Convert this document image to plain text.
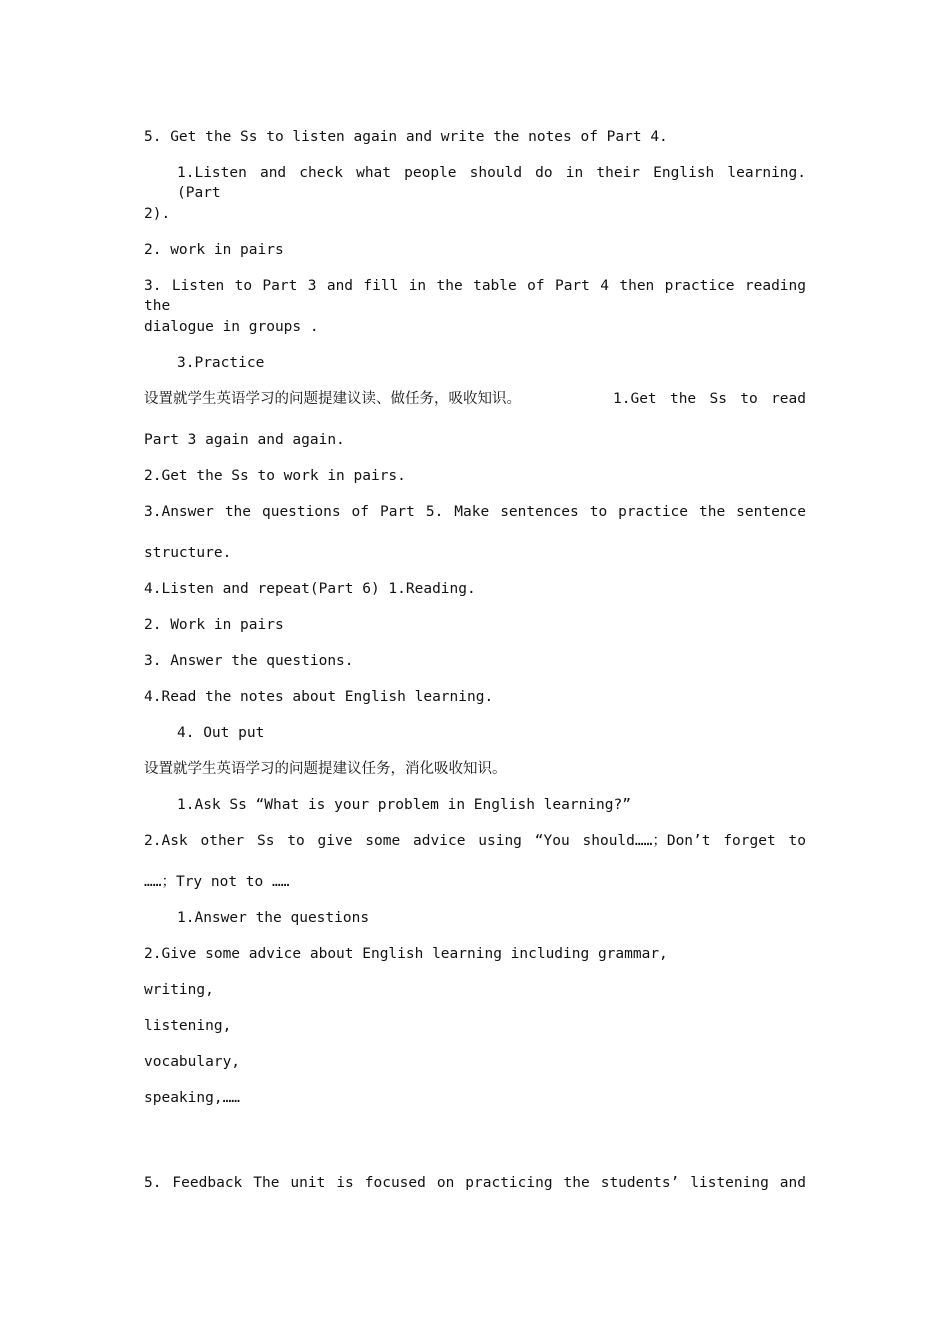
5. Get the Ss to listen again and write the notes of Part 4.
1.Listen and check what people should do in their English learning. (Part
2).
2. work in pairs
3. Listen to Part 3 and fill in the table of Part 4 then practice reading the
dialogue in groups .
3.Practice
设置就学生英语学习的问题提建议读、做任务，吸收知识。	1.Get the Ss to read
Part 3 again and again.
2.Get the Ss to work in pairs.
3.Answer the questions of Part 5. Make sentences to practice the sentence
structure.
4.Listen and repeat(Part 6) 1.Reading.
2. Work in pairs
3. Answer the questions.
4.Read the notes about English learning.
4. Out put
设置就学生英语学习的问题提建议任务，消化吸收知识。
1.Ask Ss “What is your problem in English learning?”
2.Ask other Ss to give some advice using “You should……；Don’t forget to
……；Try not to ……
1.Answer the questions
2.Give some advice about English learning including grammar,
writing,
listening,
vocabulary,
speaking,……
5. Feedback The unit is focused on practicing the students’ listening and
